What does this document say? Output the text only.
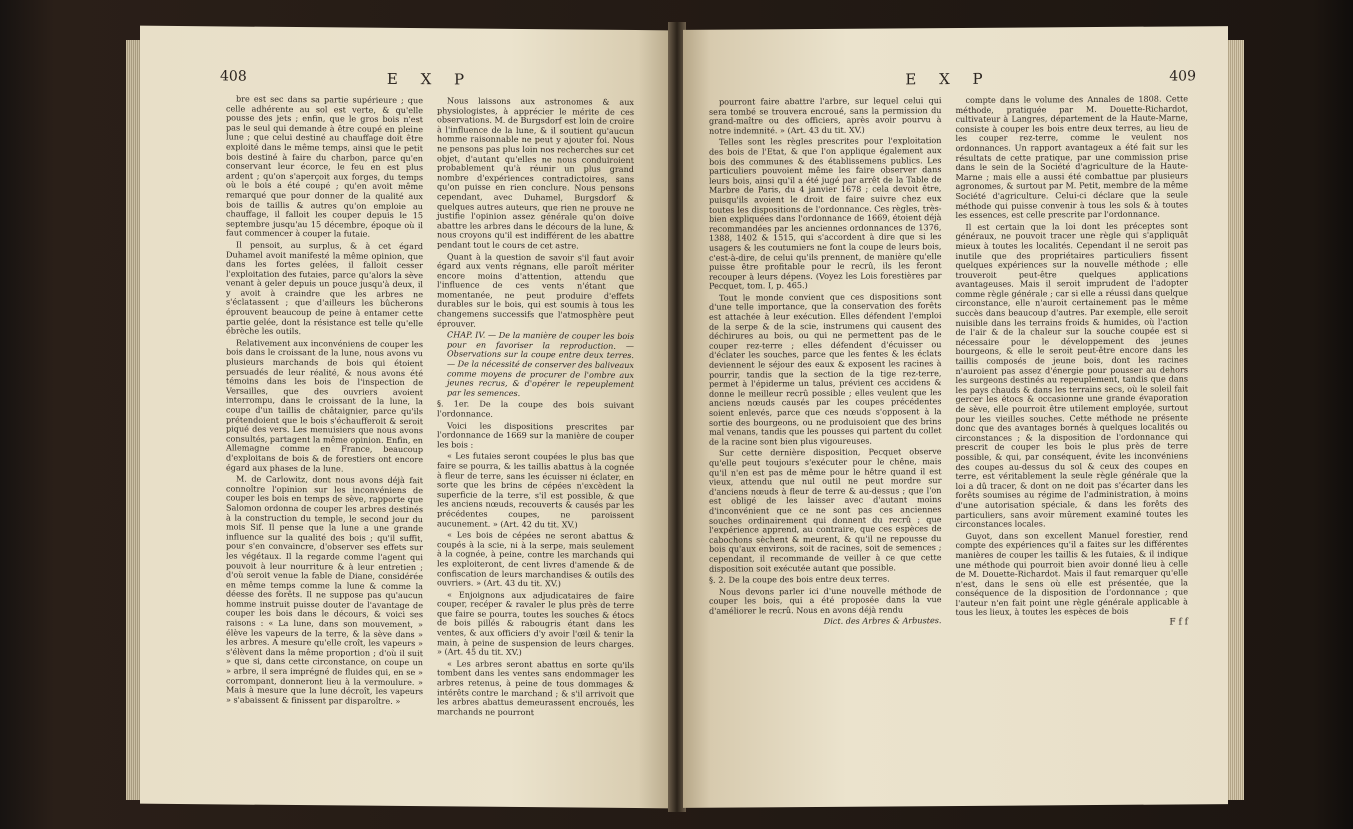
408	E X P

bre est sec dans sa partie supérieure ; que celle adhérente au sol est verte, & qu'elle pousse des jets ; enfin, que le gros bois n'est pas le seul qui demande à être coupé en pleine lune ; que celui destiné au chauffage doit être exploité dans le même temps, ainsi que le petit bois destiné à faire du charbon, parce qu'en conservant leur écorce, le feu en est plus ardent ; qu'on s'aperçoit aux forges, du temps où le bois a été coupé ; qu'en avoit même remarqué que pour donner de la qualité aux bois de taillis & autres qu'on emploie au chauffage, il falloit les couper depuis le 15 septembre jusqu'au 15 décembre, époque où il faut commencer à couper la futaie.

Il pensoit, au surplus, & à cet égard Duhamel avoit manifesté la même opinion, que dans les fortes gelées, il falloit cesser l'exploitation des futaies, parce qu'alors la sève venant à geler depuis un pouce jusqu'à deux, il y avoit à craindre que les arbres ne s'éclatassent ; que d'ailleurs les bûcherons éprouvent beaucoup de peine à entamer cette partie gelée, dont la résistance est telle qu'elle ébrèche les outils.

Relativement aux inconvéniens de couper les bois dans le croissant de la lune, nous avons vu plusieurs marchands de bois qui étoient persuadés de leur réalité, & nous avons été témoins dans les bois de l'inspection de Versailles, que des ouvriers avoient interrompu, dans le croissant de la lune, la coupe d'un taillis de châtaignier, parce qu'ils prétendoient que le bois s'échaufferoit & seroit piqué des vers. Les menuisiers que nous avons consultés, partagent la même opinion. Enfin, en Allemagne comme en France, beaucoup d'exploitans de bois & de forestiers ont encore égard aux phases de la lune.

M. de Carlowitz, dont nous avons déjà fait connoître l'opinion sur les inconvéniens de couper les bois en temps de sève, rapporte que Salomon ordonna de couper les arbres destinés à la construction du temple, le second jour du mois Sif. Il pense que la lune a une grande influence sur la qualité des bois ; qu'il suffit, pour s'en convaincre, d'observer ses effets sur les végétaux. Il la regarde comme l'agent qui pouvoit à leur nourriture & à leur entretien ; d'où seroit venue la fable de Diane, considérée en même temps comme la lune & comme la déesse des forêts. Il ne suppose pas qu'aucun homme instruit puisse douter de l'avantage de couper les bois dans le décours, & voici ses raisons : « La lune, dans son mouvement, » élève les vapeurs de la terre, & la sève dans » les arbres. A mesure qu'elle croît, les vapeurs » s'élèvent dans la même proportion ; d'où il suit » que si, dans cette circonstance, on coupe un » arbre, il sera imprégné de fluides qui, en se » corrompant, donneront lieu à la vermoulure. » Mais à mesure que la lune décroît, les vapeurs » s'abaissent & finissent par disparoître. »

Nous laissons aux astronomes & aux physiologistes, à apprécier le mérite de ces observations. M. de Burgsdorf est loin de croire à l'influence de la lune, & il soutient qu'aucun homme raisonnable ne peut y ajouter foi. Nous ne pensons pas plus loin nos recherches sur cet objet, d'autant qu'elles ne nous conduiroient probablement qu'à réunir un plus grand nombre d'expériences contradictoires, sans qu'on puisse en rien conclure. Nous pensons cependant, avec Duhamel, Burgsdorf & quelques autres auteurs, que rien ne prouve ne justifie l'opinion assez générale qu'on doive abattre les arbres dans le décours de la lune, & nous croyons qu'il est indifférent de les abattre pendant tout le cours de cet astre.

Quant à la question de savoir s'il faut avoir égard aux vents régnans, elle paroît mériter encore moins d'attention, attendu que l'influence de ces vents n'étant que momentanée, ne peut produire d'effets durables sur le bois, qui est soumis à tous les changemens successifs que l'atmosphère peut éprouver.

CHAP. IV. — De la manière de couper les bois pour en favoriser la reproduction. — Observations sur la coupe entre deux terres. — De la nécessité de conserver des baliveaux comme moyens de procurer de l'ombre aux jeunes recrus, & d'opérer le repeuplement par les semences.

§. 1er. De la coupe des bois suivant l'ordonnance.

Voici les dispositions prescrites par l'ordonnance de 1669 sur la manière de couper les bois :

« Les futaies seront coupées le plus bas que faire se pourra, & les taillis abattus à la cognée à fleur de terre, sans les écuisser ni éclater, en sorte que les brins de cépées n'excèdent la superficie de la terre, s'il est possible, & que les anciens nœuds, recouverts & causés par les précédentes coupes, ne paroissent aucunement. » (Art. 42 du tit. XV.)

« Les bois de cépées ne seront abattus & coupés à la scie, ni à la serpe, mais seulement à la cognée, à peine, contre les marchands qui les exploiteront, de cent livres d'amende & de confiscation de leurs marchandises & outils des ouvriers. » (Art. 43 du tit. XV.)

« Enjoignons aux adjudicataires de faire couper, recéper & ravaler le plus près de terre que faire se pourra, toutes les souches & étocs de bois pillés & rabougris étant dans les ventes, & aux officiers d'y avoir l'œil & tenir la main, à peine de suspension de leurs charges. » (Art. 45 du tit. XV.)

« Les arbres seront abattus en sorte qu'ils tombent dans les ventes sans endommager les arbres retenus, à peine de tous dommages & intérêts contre le marchand ; & s'il arrivoit que les arbres abattus demeurassent encroués, les marchands ne pourront

E X P	409

pourront faire abattre l'arbre, sur lequel celui qui sera tombé se trouvera encroué, sans la permission du grand-maître ou des officiers, après avoir pourvu à notre indemnité. » (Art. 43 du tit. XV.)

Telles sont les règles prescrites pour l'exploitation des bois de l'Etat, & que l'on applique également aux bois des communes & des établissemens publics. Les particuliers pouvoient même les faire observer dans leurs bois, ainsi qu'il a été jugé par arrêt de la Table de Marbre de Paris, du 4 janvier 1678 ; cela devoit être, puisqu'ils avoient le droit de faire suivre chez eux toutes les dispositions de l'ordonnance. Ces règles, très-bien expliquées dans l'ordonnance de 1669, étoient déjà recommandées par les anciennes ordonnances de 1376, 1388, 1402 & 1515, qui s'accordent à dire que si les usagers & les coutumiers ne font la coupe de leurs bois, c'est-à-dire, de celui qu'ils prennent, de manière qu'elle puisse être profitable pour le recrû, ils les feront recouper à leurs dépens. (Voyez les Lois forestières par Pecquet, tom. I, p. 465.)

Tout le monde convient que ces dispositions sont d'une telle importance, que la conservation des forêts est attachée à leur exécution. Elles défendent l'emploi de la serpe & de la scie, instrumens qui causent des déchirures au bois, ou qui ne permettent pas de le couper rez-terre ; elles défendent d'écuisser ou d'éclater les souches, parce que les fentes & les éclats deviennent le séjour des eaux & exposent les racines à pourrir, tandis que la section de la tige rez-terre, permet à l'épiderme un talus, prévient ces accidens & donne le meilleur recrû possible ; elles veulent que les anciens nœuds causés par les coupes précédentes soient enlevés, parce que ces nœuds s'opposent à la sortie des bourgeons, ou ne produisoient que des brins mal venans, tandis que les pousses qui partent du collet de la racine sont bien plus vigoureuses.

Sur cette dernière disposition, Pecquet observe qu'elle peut toujours s'exécuter pour le chêne, mais qu'il n'en est pas de même pour le hêtre quand il est vieux, attendu que nul outil ne peut mordre sur d'anciens nœuds à fleur de terre & au-dessus ; que l'on est obligé de les laisser avec d'autant moins d'inconvénient que ce ne sont pas ces anciennes souches ordinairement qui donnent du recrû ; que l'expérience apprend, au contraire, que ces espèces de cabochons sèchent & meurent, & qu'il ne repousse du bois qu'aux environs, soit de racines, soit de semences ; cependant, il recommande de veiller à ce que cette disposition soit exécutée autant que possible.

§. 2. De la coupe des bois entre deux terres.

Nous devons parler ici d'une nouvelle méthode de couper les bois, qui a été proposée dans la vue d'améliorer le recrû. Nous en avons déjà rendu

Dict. des Arbres & Arbustes.

compte dans le volume des Annales de 1808. Cette méthode, pratiquée par M. Douette-Richardot, cultivateur à Langres, département de la Haute-Marne, consiste à couper les bois entre deux terres, au lieu de les couper rez-terre, comme le veulent nos ordonnances. Un rapport avantageux a été fait sur les résultats de cette pratique, par une commission prise dans le sein de la Société d'agriculture de la Haute-Marne ; mais elle a aussi été combattue par plusieurs agronomes, & surtout par M. Petit, membre de la même Société d'agriculture. Celui-ci déclare que la seule méthode qui puisse convenir à tous les sols & à toutes les essences, est celle prescrite par l'ordonnance.

Il est certain que la loi dont les préceptes sont généraux, ne pouvoit tracer une règle qui s'appliquât mieux à toutes les localités. Cependant il ne seroit pas inutile que des propriétaires particuliers fissent quelques expériences sur la nouvelle méthode ; elle trouveroit peut-être quelques applications avantageuses. Mais il seroit imprudent de l'adopter comme règle générale ; car si elle a réussi dans quelque circonstance, elle n'auroit certainement pas le même succès dans beaucoup d'autres. Par exemple, elle seroit nuisible dans les terrains froids & humides, où l'action de l'air & de la chaleur sur la souche coupée est si nécessaire pour le développement des jeunes bourgeons, & elle le seroit peut-être encore dans les taillis composés de jeune bois, dont les racines n'auroient pas assez d'énergie pour pousser au dehors les surgeons destinés au repeuplement, tandis que dans les pays chauds & dans les terrains secs, où le soleil fait gercer les étocs & occasionne une grande évaporation de sève, elle pourroit être utilement employée, surtout pour les vieilles souches. Cette méthode ne présente donc que des avantages bornés à quelques localités ou circonstances ; & la disposition de l'ordonnance qui prescrit de couper les bois le plus près de terre possible, & qui, par conséquent, évite les inconvéniens des coupes au-dessus du sol & ceux des coupes en terre, est véritablement la seule règle générale que la loi a dû tracer, & dont on ne doit pas s'écarter dans les forêts soumises au régime de l'administration, à moins d'une autorisation spéciale, & dans les forêts des particuliers, sans avoir mûrement examiné toutes les circonstances locales.

Guyot, dans son excellent Manuel forestier, rend compte des expériences qu'il a faites sur les différentes manières de couper les taillis & les futaies, & il indique une méthode qui pourroit bien avoir donné lieu à celle de M. Douette-Richardot. Mais il faut remarquer qu'elle n'est, dans le sens où elle est présentée, que la conséquence de la disposition de l'ordonnance ; que l'auteur n'en fait point une règle générale applicable à tous les lieux, à toutes les espèces de bois

F f f
